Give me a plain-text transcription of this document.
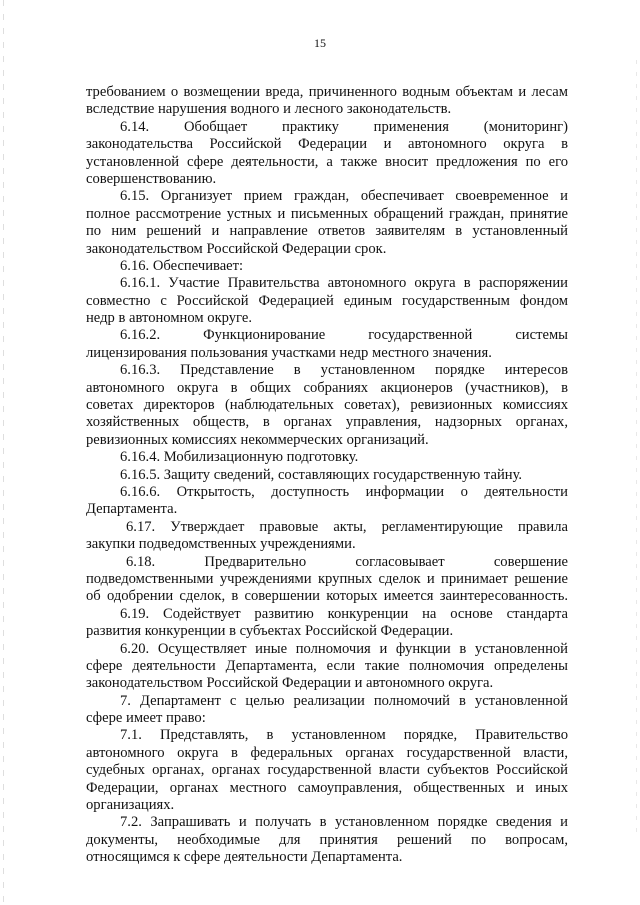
15

требованием о возмещении вреда, причиненного водным объектам и лесам
вследствие нарушения водного и лесного законодательств.
6.14. Обобщает практику применения (мониторинг)
законодательства Российской Федерации и автономного округа в
установленной сфере деятельности, а также вносит предложения по его
совершенствованию.
6.15. Организует прием граждан, обеспечивает своевременное и
полное рассмотрение устных и письменных обращений граждан, принятие
по ним решений и направление ответов заявителям в установленный
законодательством Российской Федерации срок.
6.16. Обеспечивает:
6.16.1. Участие Правительства автономного округа в распоряжении
совместно с Российской Федерацией единым государственным фондом
недр в автономном округе.
6.16.2. Функционирование государственной системы
лицензирования пользования участками недр местного значения.
6.16.3. Представление в установленном порядке интересов
автономного округа в общих собраниях акционеров (участников), в
советах директоров (наблюдательных советах), ревизионных комиссиях
хозяйственных обществ, в органах управления, надзорных органах,
ревизионных комиссиях некоммерческих организаций.
6.16.4. Мобилизационную подготовку.
6.16.5. Защиту сведений, составляющих государственную тайну.
6.16.6. Открытость, доступность информации о деятельности
Департамента.
6.17. Утверждает правовые акты, регламентирующие правила
закупки подведомственных учреждениями.
6.18. Предварительно согласовывает совершение
подведомственными учреждениями крупных сделок и принимает решение
об одобрении сделок, в совершении которых имеется заинтересованность.
6.19. Содействует развитию конкуренции на основе стандарта
развития конкуренции в субъектах Российской Федерации.
6.20. Осуществляет иные полномочия и функции в установленной
сфере деятельности Департамента, если такие полномочия определены
законодательством Российской Федерации и автономного округа.
7. Департамент с целью реализации полномочий в установленной
сфере имеет право:
7.1. Представлять, в установленном порядке, Правительство
автономного округа в федеральных органах государственной власти,
судебных органах, органах государственной власти субъектов Российской
Федерации, органах местного самоуправления, общественных и иных
организациях.
7.2. Запрашивать и получать в установленном порядке сведения и
документы, необходимые для принятия решений по вопросам,
относящимся к сфере деятельности Департамента.
